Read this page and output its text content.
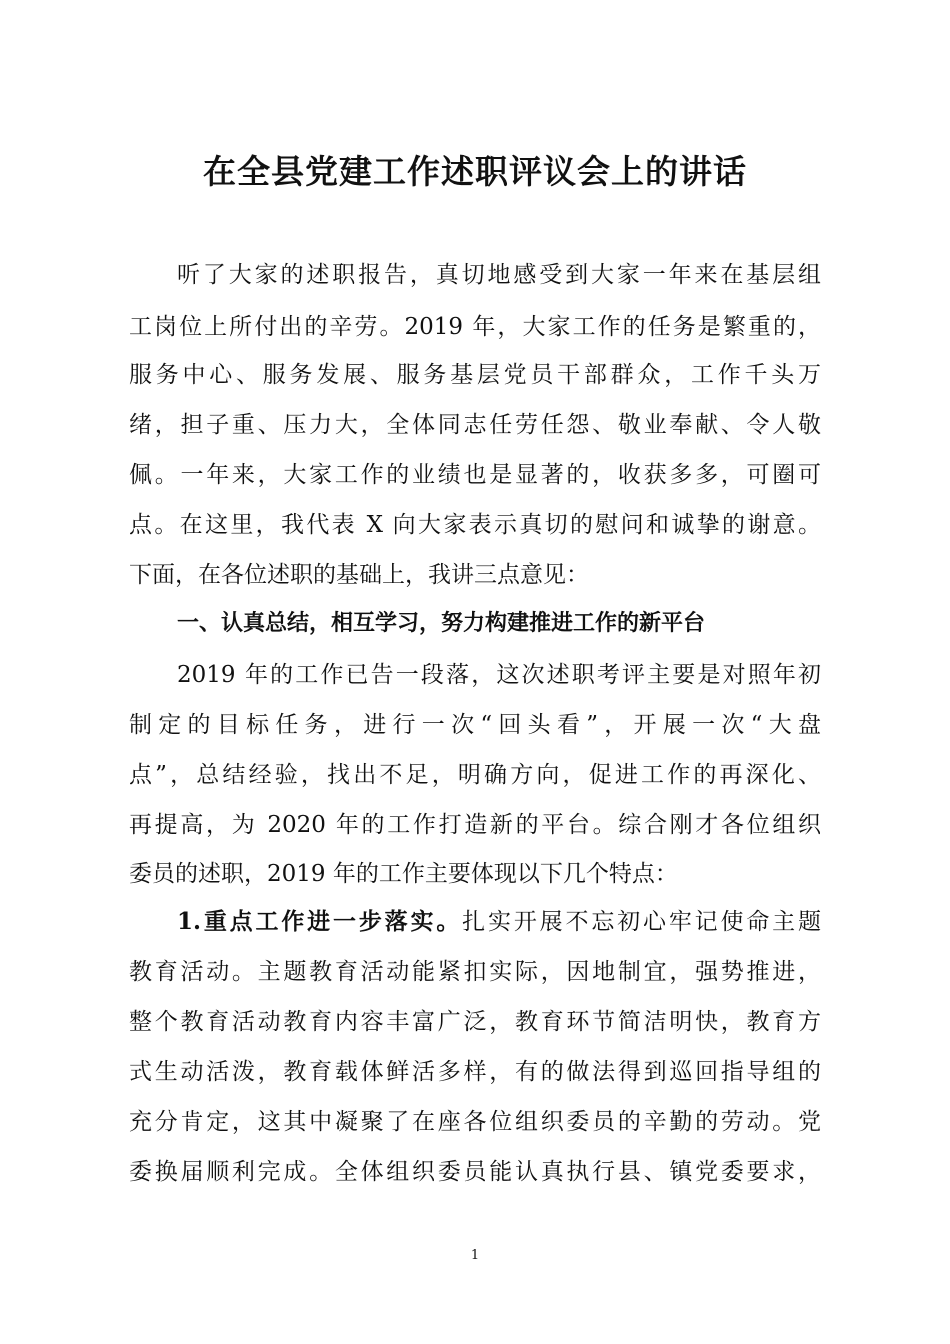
在全县党建工作述职评议会上的讲话
听了大家的述职报告，真切地感受到大家一年来在基层组
工岗位上所付出的辛劳。2019 年，大家工作的任务是繁重的，
服务中心、服务发展、服务基层党员干部群众，工作千头万
绪，担子重、压力大，全体同志任劳任怨、敬业奉献、令人敬
佩。一年来，大家工作的业绩也是显著的，收获多多，可圈可
点。在这里，我代表 X 向大家表示真切的慰问和诚挚的谢意。
下面，在各位述职的基础上，我讲三点意见：
一、认真总结，相互学习，努力构建推进工作的新平台
2019 年的工作已告一段落，这次述职考评主要是对照年初
制定的目标任务，进行一次“回头看”，开展一次“大盘
点”，总结经验，找出不足，明确方向，促进工作的再深化、
再提高，为 2020 年的工作打造新的平台。综合刚才各位组织
委员的述职，2019 年的工作主要体现以下几个特点：
1.重点工作进一步落实。扎实开展不忘初心牢记使命主题
教育活动。主题教育活动能紧扣实际，因地制宜，强势推进，
整个教育活动教育内容丰富广泛，教育环节简洁明快，教育方
式生动活泼，教育载体鲜活多样，有的做法得到巡回指导组的
充分肯定，这其中凝聚了在座各位组织委员的辛勤的劳动。党
委换届顺利完成。全体组织委员能认真执行县、镇党委要求，
1
